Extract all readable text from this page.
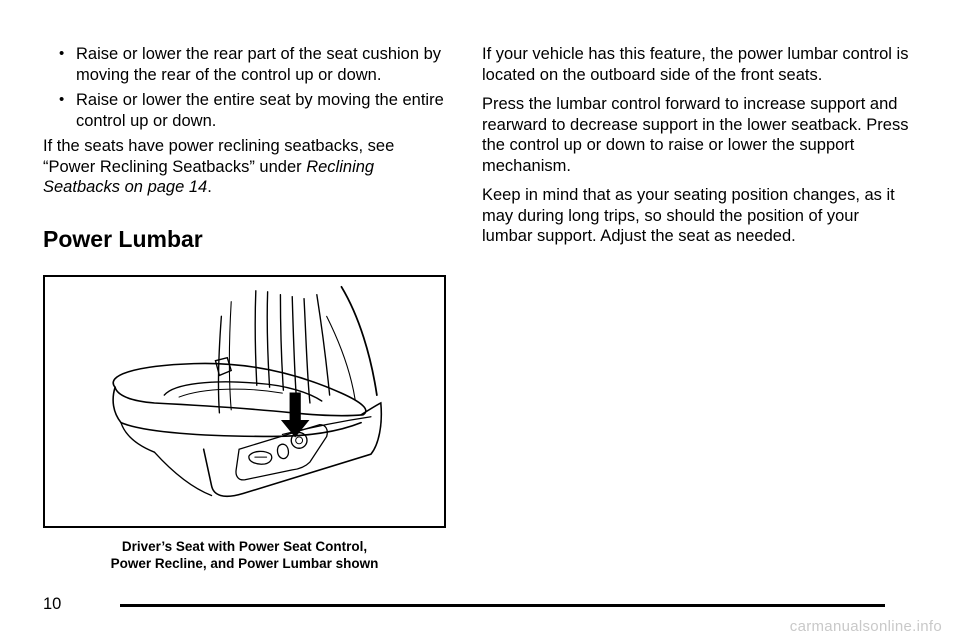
• Raise or lower the rear part of the seat cushion by moving the rear of the control up or down.
• Raise or lower the entire seat by moving the entire control up or down.

If the seats have power reclining seatbacks, see “Power Reclining Seatbacks” under Reclining Seatbacks on page 14.

Power Lumbar
Driver’s Seat with Power Seat Control,
Power Recline, and Power Lumbar shown

If your vehicle has this feature, the power lumbar control is located on the outboard side of the front seats.

Press the lumbar control forward to increase support and rearward to decrease support in the lower seatback. Press the control up or down to raise or lower the support mechanism.

Keep in mind that as your seating position changes, as it may during long trips, so should the position of your lumbar support. Adjust the seat as needed.

10
carmanualsonline.info
